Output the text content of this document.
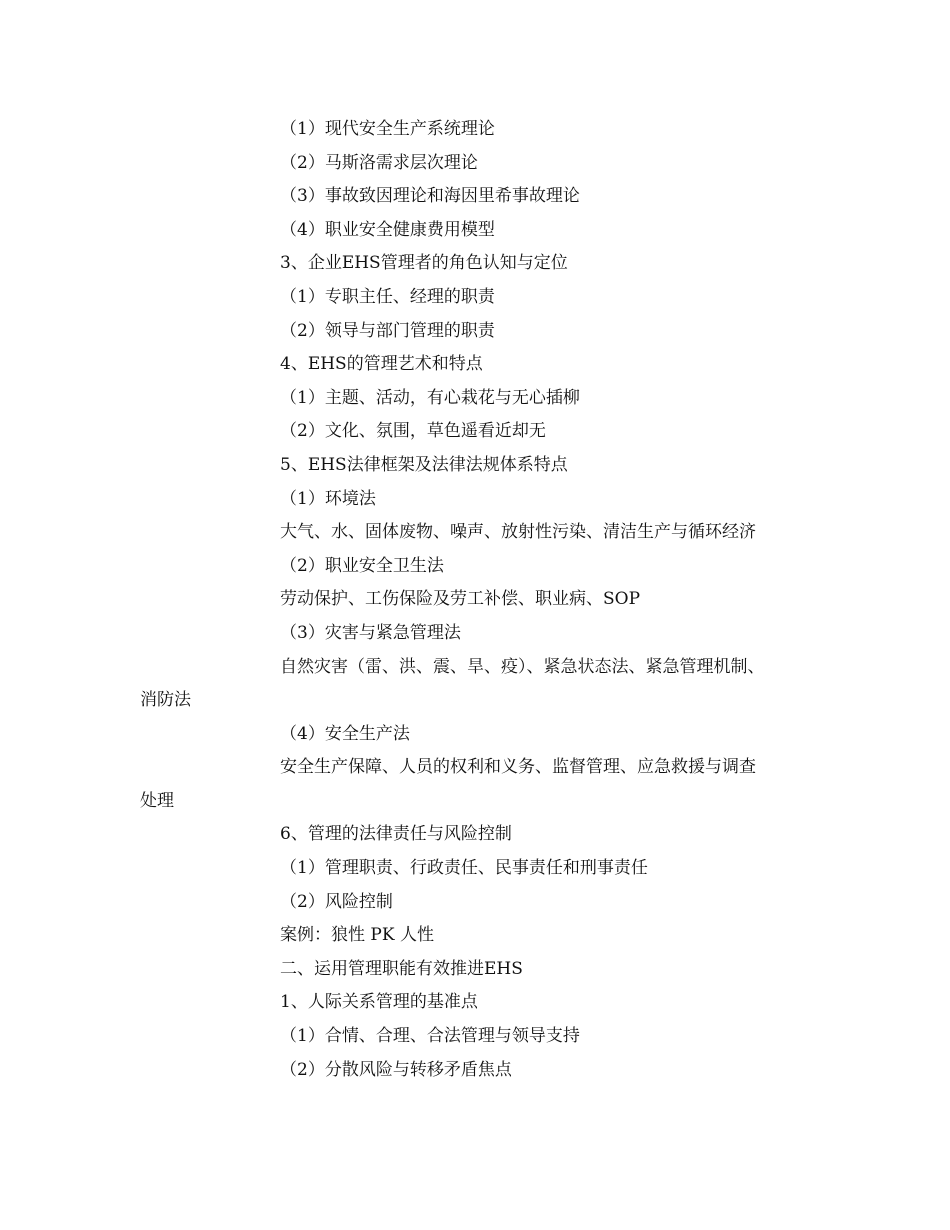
（1）现代安全生产系统理论
（2）马斯洛需求层次理论
（3）事故致因理论和海因里希事故理论
（4）职业安全健康费用模型
3、企业EHS管理者的角色认知与定位
（1）专职主任、经理的职责
（2）领导与部门管理的职责
4、EHS的管理艺术和特点
（1）主题、活动，有心栽花与无心插柳
（2）文化、氛围，草色遥看近却无
5、EHS法律框架及法律法规体系特点
（1）环境法
大气、水、固体废物、噪声、放射性污染、清洁生产与循环经济
（2）职业安全卫生法
劳动保护、工伤保险及劳工补偿、职业病、SOP
（3）灾害与紧急管理法
自然灾害（雷、洪、震、旱、疫）、紧急状态法、紧急管理机制、
消防法
（4）安全生产法
安全生产保障、人员的权利和义务、监督管理、应急救援与调查
处理
6、管理的法律责任与风险控制
（1）管理职责、行政责任、民事责任和刑事责任
（2）风险控制
案例：狼性 PK 人性
二、运用管理职能有效推进EHS
1、人际关系管理的基准点
（1）合情、合理、合法管理与领导支持
（2）分散风险与转移矛盾焦点
